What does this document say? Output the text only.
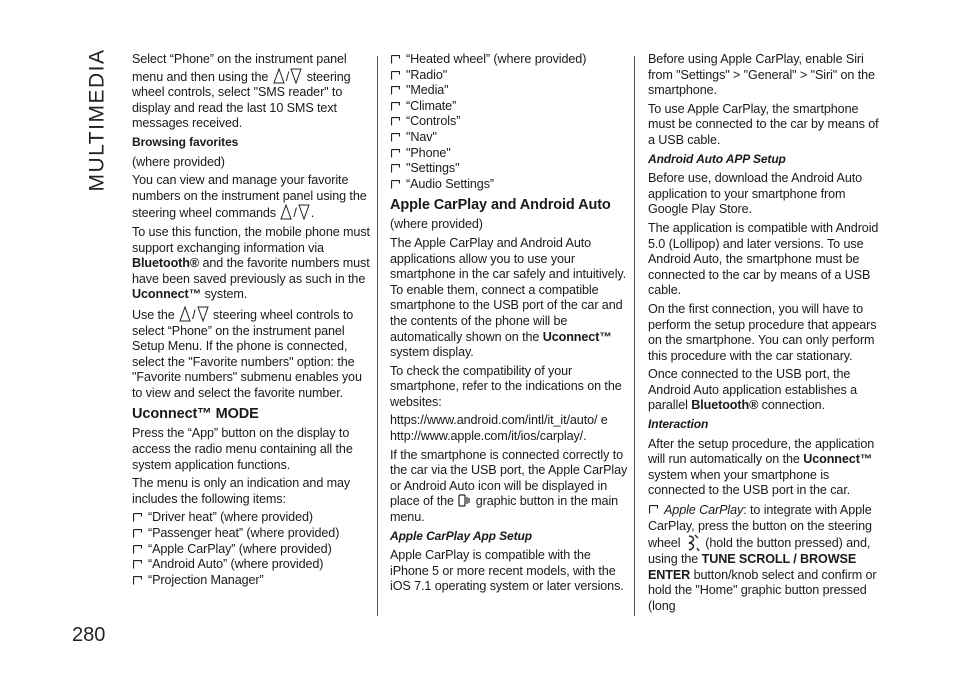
MULTIMEDIA Select “Phone” on the instrument panel menu and then using the / steering wheel controls, select "SMS reader" to display and read the last 10 SMS text messages received.

Browsing favorites

(where provided)

You can view and manage your favorite numbers on the instrument panel using the steering wheel commands / .

To use this function, the mobile phone must support exchanging information via Bluetooth® and the favorite numbers must have been saved previously as such in the Uconnect™ system.

Use the / steering wheel controls to select “Phone” on the instrument panel Setup Menu. If the phone is connected, select the "Favorite numbers" option: the "Favorite numbers" submenu enables you to view and select the favorite number.

Uconnect™ MODE

Press the “App” button on the display to access the radio menu containing all the system application functions.

The menu is only an indication and may includes the following items:

“Driver heat” (where provided)
“Passenger heat” (where provided)
“Apple CarPlay” (where provided)
“Android Auto” (where provided)
“Projection Manager”
“Heated wheel” (where provided)
"Radio"
"Media"
“Climate”
“Controls”
"Nav"
"Phone"
"Settings"
“Audio Settings”
Apple CarPlay and Android Auto

(where provided)

The Apple CarPlay and Android Auto applications allow you to use your smartphone in the car safely and intuitively. To enable them, connect a compatible smartphone to the USB port of the car and the contents of the phone will be automatically shown on the Uconnect™ system display.

To check the compatibility of your smartphone, refer to the indications on the websites:

https://www.android.com/intl/it_it/auto/ e
http://www.apple.com/it/ios/carplay/.

If the smartphone is connected correctly to the car via the USB port, the Apple CarPlay or Android Auto icon will be displayed in place of the graphic button in the main menu.

Apple CarPlay App Setup

Apple CarPlay is compatible with the iPhone 5 or more recent models, with the iOS 7.1 operating system or later versions.

Before using Apple CarPlay, enable Siri from "Settings" > "General" > "Siri" on the smartphone.

To use Apple CarPlay, the smartphone must be connected to the car by means of a USB cable.

Android Auto APP Setup

Before use, download the Android Auto application to your smartphone from Google Play Store.

The application is compatible with Android 5.0 (Lollipop) and later versions. To use Android Auto, the smartphone must be connected to the car by means of a USB cable.

On the first connection, you will have to perform the setup procedure that appears on the smartphone. You can only perform this procedure with the car stationary.

Once connected to the USB port, the Android Auto application establishes a parallel Bluetooth® connection.

Interaction

After the setup procedure, the application will run automatically on the Uconnect™ system when your smartphone is connected to the USB port in the car.

Apple CarPlay: to integrate with Apple CarPlay, press the button on the steering wheel (hold the button pressed) and, using the TUNE SCROLL / BROWSE ENTER button/knob select and confirm or hold the "Home" graphic button pressed (long

280
